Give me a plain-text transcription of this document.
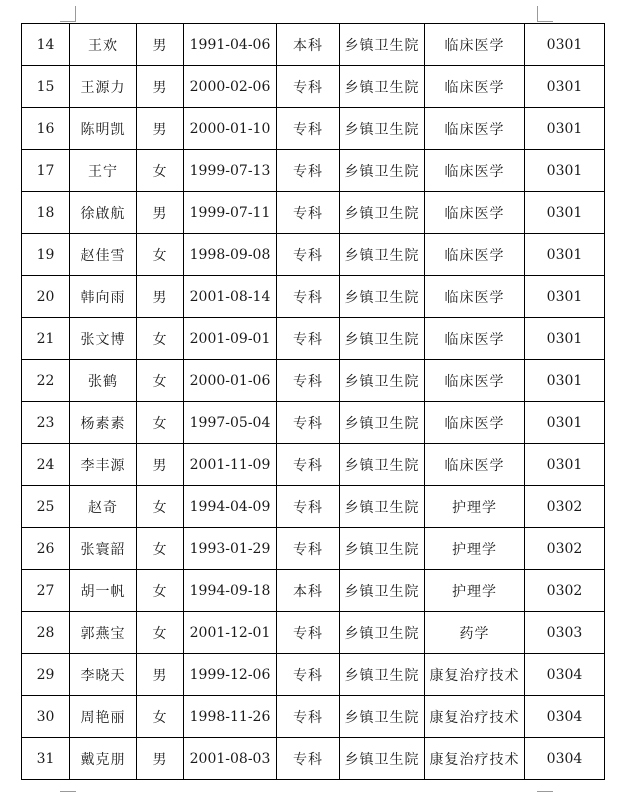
14	王欢	男	1991-04-06	本科	乡镇卫生院	临床医学	0301
15	王源力	男	2000-02-06	专科	乡镇卫生院	临床医学	0301
16	陈明凯	男	2000-01-10	专科	乡镇卫生院	临床医学	0301
17	王宁	女	1999-07-13	专科	乡镇卫生院	临床医学	0301
18	徐啟航	男	1999-07-11	专科	乡镇卫生院	临床医学	0301
19	赵佳雪	女	1998-09-08	专科	乡镇卫生院	临床医学	0301
20	韩向雨	男	2001-08-14	专科	乡镇卫生院	临床医学	0301
21	张文博	女	2001-09-01	专科	乡镇卫生院	临床医学	0301
22	张鹤	女	2000-01-06	专科	乡镇卫生院	临床医学	0301
23	杨素素	女	1997-05-04	专科	乡镇卫生院	临床医学	0301
24	李丰源	男	2001-11-09	专科	乡镇卫生院	临床医学	0301
25	赵奇	女	1994-04-09	专科	乡镇卫生院	护理学	0302
26	张寰韶	女	1993-01-29	专科	乡镇卫生院	护理学	0302
27	胡一帆	女	1994-09-18	本科	乡镇卫生院	护理学	0302
28	郭燕宝	女	2001-12-01	专科	乡镇卫生院	药学	0303
29	李晓天	男	1999-12-06	专科	乡镇卫生院	康复治疗技术	0304
30	周艳丽	女	1998-11-26	专科	乡镇卫生院	康复治疗技术	0304
31	戴克朋	男	2001-08-03	专科	乡镇卫生院	康复治疗技术	0304
